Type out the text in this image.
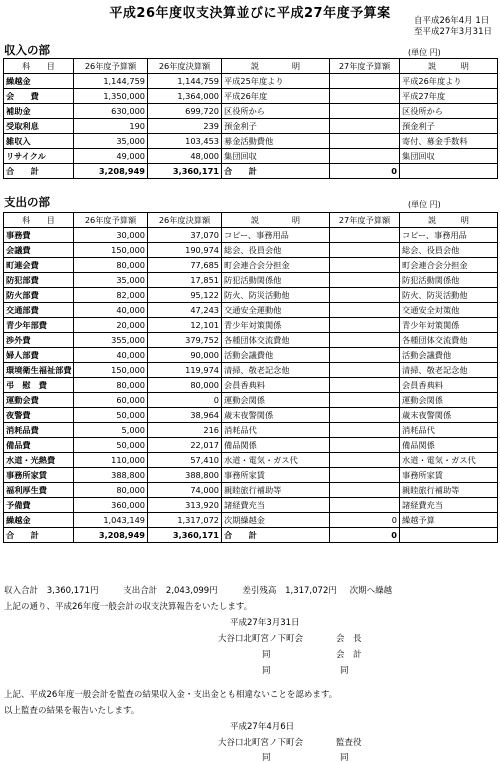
平成26年度収支決算並びに平成27年度予算案	自平成26年4月 1日
至平成27年3月31日
収入の部	(単位 円)
科　　目	26年度予算額	26年度決算額	説　　　　明	27年度予算額	説　　　明
繰越金	1,144,759	1,144,759	平成25年度より		平成26年度より
会　　費	1,350,000	1,364,000	平成26年度		平成27年度
補助金	630,000	699,720	区役所から		区役所から
受取利息	190	239	預金利子		預金利子
雑収入	35,000	103,453	募金活動費他		寄付、募金手数料
リサイクル	49,000	48,000	集団回収		集団回収
合　　計	3,208,949	3,360,171	合　　計	0	
支出の部	(単位 円)
科　　目	26年度予算額	26年度決算額	説　　　　明	27年度予算額	説　　　明
事務費	30,000	37,070	コピー、事務用品		コピー、事務用品
会議費	150,000	190,974	総会、役員会他		総会、役員会他
町連会費	80,000	77,685	町会連合会分担金		町会連合会分担金
防犯部費	35,000	17,851	防犯活動関係他		防犯活動関係他
防火部費	82,000	95,122	防火、防災活動他		防火、防災活動他
交通部費	40,000	47,243	交通安全運動他		交通安全対策他
青少年部費	20,000	12,101	青少年対策関係		青少年対策関係
渉外費	355,000	379,752	各種団体交流費他		各種団体交流費他
婦人部費	40,000	90,000	活動会議費他		活動会議費他
環境衛生福祉部費	150,000	119,974	清掃、敬老記念他		清掃、敬老記念他
弔　慰　費	80,000	80,000	会員香典料		会員香典料
運動会費	60,000	0	運動会関係		運動会関係
夜警費	50,000	38,964	歳末夜警関係		歳末夜警関係
消耗品費	5,000	216	消耗品代		消耗品代
備品費	50,000	22,017	備品関係		備品関係
水道・光熱費	110,000	57,410	水道・電気・ガス代		水道・電気・ガス代
事務所家賃	388,800	388,800	事務所家賃		事務所家賃
福利厚生費	80,000	74,000	親睦旅行補助等		親睦旅行補助等
予備費	360,000	313,920	諸経費充当		諸経費充当
繰越金	1,043,149	1,317,072	次期繰越金	0	繰越予算
合　　計	3,208,949	3,360,171	合　　計	0	
収入合計 3,360,171円	支出合計 2,043,099円	差引残高 1,317,072円 次期へ繰越
上記の通り、平成26年度一般会計の収支決算報告をいたします。
平成27年3月31日
大谷口北町宮ノ下町会	会　長
同	会　計
同	同
上記、平成26年度一般会計を監査の結果収入金・支出金とも相違ないことを認めます。
以上監査の結果を報告いたします。
平成27年4月6日
大谷口北町宮ノ下町会	監査役
同	同
